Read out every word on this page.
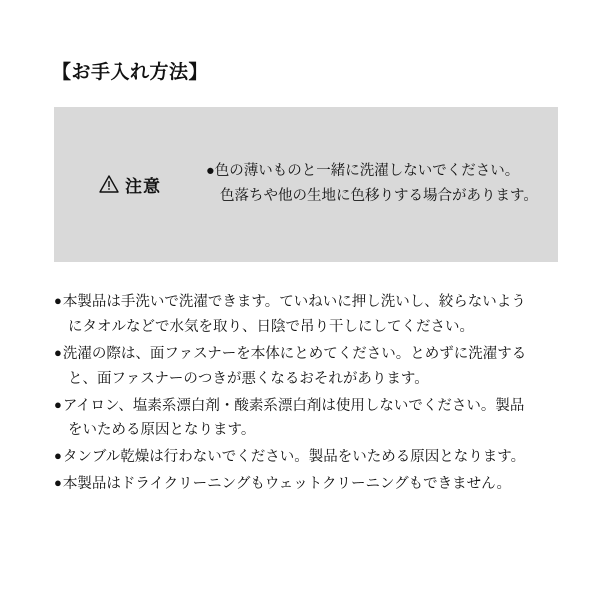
【お手入れ方法】
注意
●色の薄いものと一緒に洗濯しないでください。
色落ちや他の生地に色移りする場合があります。
●本製品は手洗いで洗濯できます。ていねいに押し洗いし、絞らないよう
にタオルなどで水気を取り、日陰で吊り干しにしてください。
●洗濯の際は、面ファスナーを本体にとめてください。とめずに洗濯する
と、面ファスナーのつきが悪くなるおそれがあります。
●アイロン、塩素系漂白剤・酸素系漂白剤は使用しないでください。製品
をいためる原因となります。
●タンブル乾燥は行わないでください。製品をいためる原因となります。
●本製品はドライクリーニングもウェットクリーニングもできません。
